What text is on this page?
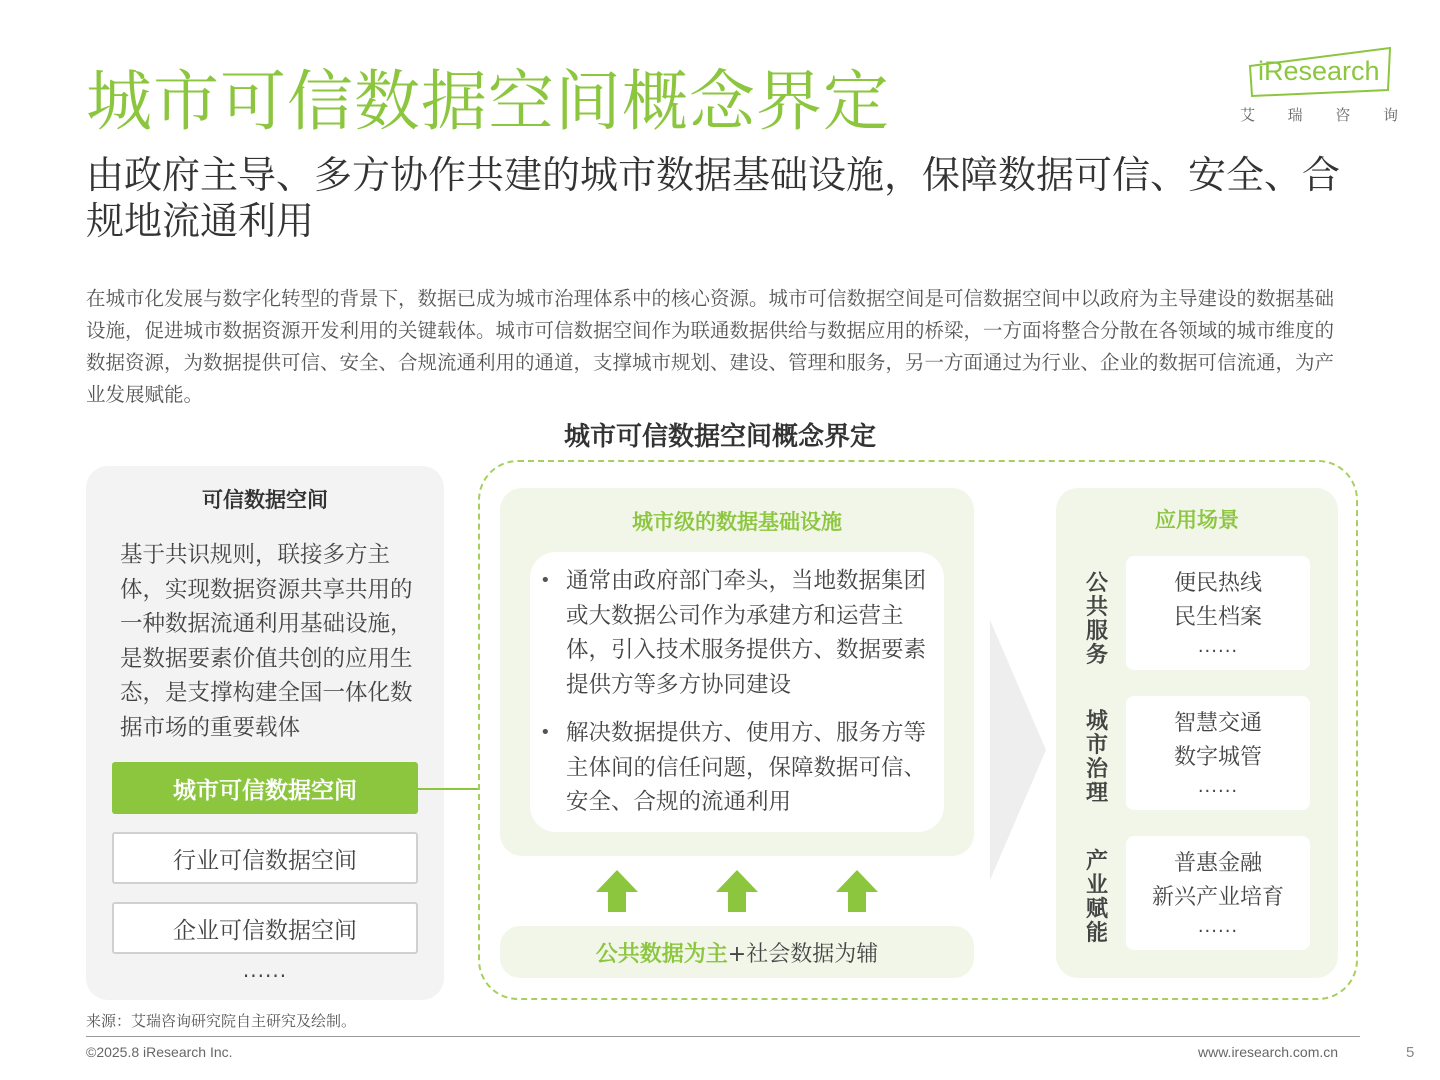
城市可信数据空间概念界定
由政府主导、多方协作共建的城市数据基础设施，保障数据可信、安全、合规地流通利用
iResearch
艾 瑞 咨 询
在城市化发展与数字化转型的背景下，数据已成为城市治理体系中的核心资源。城市可信数据空间是可信数据空间中以政府为主导建设的数据基础设施，促进城市数据资源开发利用的关键载体。城市可信数据空间作为联通数据供给与数据应用的桥梁，一方面将整合分散在各领域的城市维度的数据资源，为数据提供可信、安全、合规流通利用的通道，支撑城市规划、建设、管理和服务，另一方面通过为行业、企业的数据可信流通，为产业发展赋能。
城市可信数据空间概念界定
可信数据空间
基于共识规则，联接多方主体，实现数据资源共享共用的一种数据流通利用基础设施，是数据要素价值共创的应用生态，是支撑构建全国一体化数据市场的重要载体
城市可信数据空间
行业可信数据空间
企业可信数据空间
......
城市级的数据基础设施
• 通常由政府部门牵头，当地数据集团或大数据公司作为承建方和运营主体，引入技术服务提供方、数据要素提供方等多方协同建设
• 解决数据提供方、使用方、服务方等主体间的信任问题，保障数据可信、安全、合规的流通利用
公共数据为主 +社会数据为辅
应用场景
公共服务
便民热线
民生档案
......
城市治理
智慧交通
数字城管
......
产业赋能
普惠金融
新兴产业培育
......
来源：艾瑞咨询研究院自主研究及绘制。
©2025.8 iResearch Inc.	www.iresearch.com.cn	5
